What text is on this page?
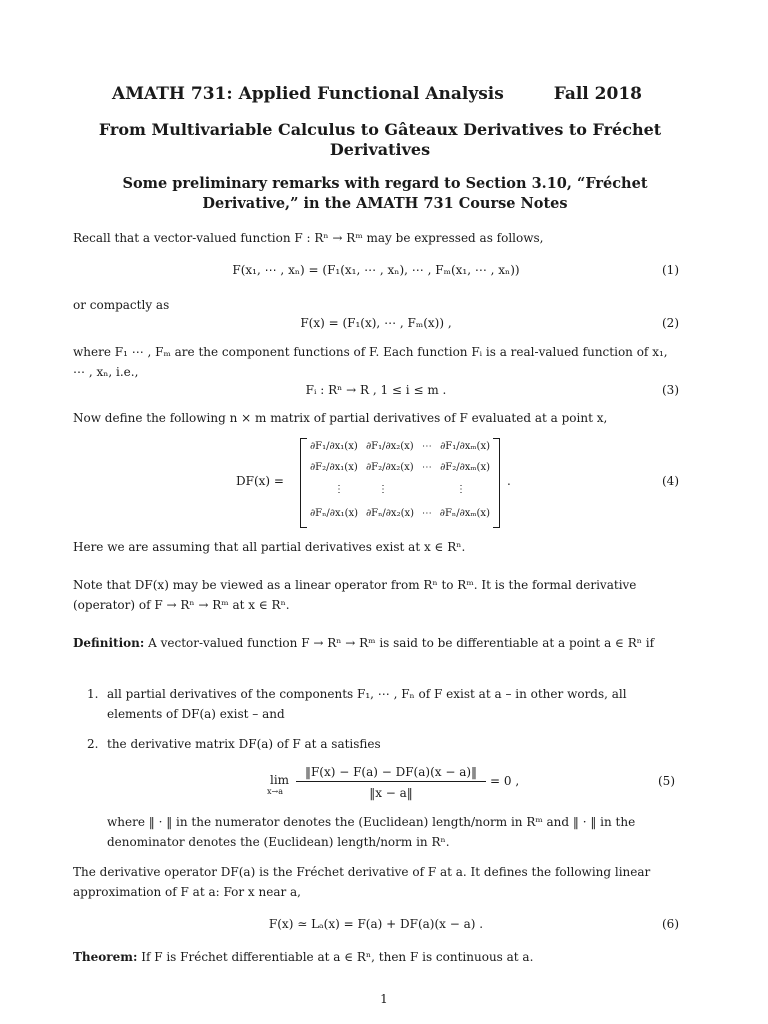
AMATH 731: Applied Functional Analysis	Fall 2018
From Multivariable Calculus to Gâteaux Derivatives to Fréchet Derivatives
Some preliminary remarks with regard to Section 3.10, “Fréchet Derivative,” in the AMATH 731 Course Notes
Recall that a vector-valued function F : Rⁿ → Rᵐ may be expressed as follows,
F(x₁, ⋯ , xₙ) = (F₁(x₁, ⋯ , xₙ), ⋯ , Fₘ(x₁, ⋯ , xₙ))	(1)
or compactly as
F(x) = (F₁(x), ⋯ , Fₘ(x)) ,	(2)
where F₁ ⋯ , Fₘ are the component functions of F. Each function Fᵢ is a real-valued function of x₁, ⋯ , xₙ, i.e.,
Fᵢ : Rⁿ → R , 1 ≤ i ≤ m .	(3)
Now define the following n × m matrix of partial derivatives of F evaluated at a point x,
DF(x) =	.	(4)
∂F₁/∂x₁(x) ∂F₁/∂x₂(x) ⋯ ∂F₁/∂xₘ(x)
∂F₂/∂x₁(x) ∂F₂/∂x₂(x) ⋯ ∂F₂/∂xₘ(x)
⋮	⋮	⋮
∂Fₙ/∂x₁(x) ∂Fₙ/∂x₂(x) ⋯ ∂Fₙ/∂xₘ(x)
Here we are assuming that all partial derivatives exist at x ∈ Rⁿ.
Note that DF(x) may be viewed as a linear operator from Rⁿ to Rᵐ. It is the formal derivative (operator) of F → Rⁿ → Rᵐ at x ∈ Rⁿ.
Definition: A vector-valued function F → Rⁿ → Rᵐ is said to be differentiable at a point a ∈ Rⁿ if
1. all partial derivatives of the components F₁, ⋯ , Fₙ of F exist at a – in other words, all elements of DF(a) exist – and
2. the derivative matrix DF(a) of F at a satisfies
lim
$x\to a \frac{‖F(x) - F(a) - DF(a)(x - a)‖}{‖x - a‖} = 0$ ,	(5)
where ‖ · ‖ in the numerator denotes the (Euclidean) length/norm in Rᵐ and ‖ · ‖ in the denominator denotes the (Euclidean) length/norm in Rⁿ.
The derivative operator DF(a) is the Fréchet derivative of F at a. It defines the following linear approximation of F at a: For x near a,
F(x) ≃ Lₐ(x) = F(a) + DF(a)(x − a) .	(6)
Theorem: If F is Fréchet differentiable at a ∈ Rⁿ, then F is continuous at a.
1
